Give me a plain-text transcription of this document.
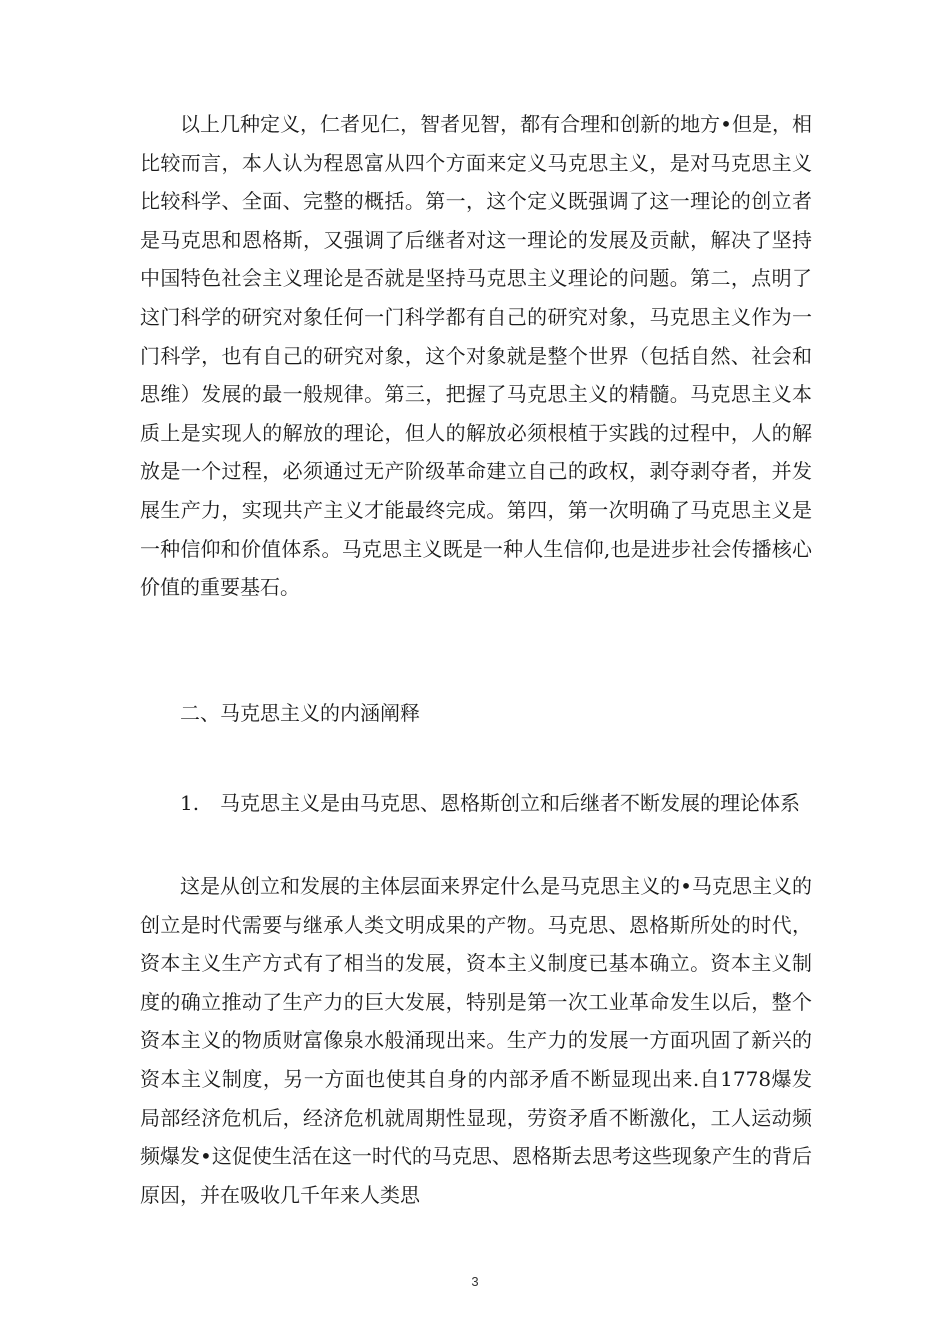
以上几种定义，仁者见仁，智者见智，都有合理和创新的地方•但是，相比较而言，本人认为程恩富从四个方面来定义马克思主义，是对马克思主义比较科学、全面、完整的概括。第一，这个定义既强调了这一理论的创立者是马克思和恩格斯，又强调了后继者对这一理论的发展及贡献，解决了坚持中国特色社会主义理论是否就是坚持马克思主义理论的问题。第二，点明了这门科学的研究对象任何一门科学都有自己的研究对象，马克思主义作为一门科学，也有自己的研究对象，这个对象就是整个世界（包括自然、社会和思维）发展的最一般规律。第三，把握了马克思主义的精髓。马克思主义本质上是实现人的解放的理论，但人的解放必须根植于实践的过程中，人的解放是一个过程，必须通过无产阶级革命建立自己的政权，剥夺剥夺者，并发展生产力，实现共产主义才能最终完成。第四，第一次明确了马克思主义是一种信仰和价值体系。马克思主义既是一种人生信仰,也是进步社会传播核心价值的重要基石。

二、马克思主义的内涵阐释

1. 马克思主义是由马克思、恩格斯创立和后继者不断发展的理论体系

这是从创立和发展的主体层面来界定什么是马克思主义的•马克思主义的创立是时代需要与继承人类文明成果的产物。马克思、恩格斯所处的时代，资本主义生产方式有了相当的发展，资本主义制度已基本确立。资本主义制度的确立推动了生产力的巨大发展，特别是第一次工业革命发生以后，整个资本主义的物质财富像泉水般涌现出来。生产力的发展一方面巩固了新兴的资本主义制度，另一方面也使其自身的内部矛盾不断显现出来.自1778爆发局部经济危机后，经济危机就周期性显现，劳资矛盾不断激化，工人运动频频爆发•这促使生活在这一时代的马克思、恩格斯去思考这些现象产生的背后原因，并在吸收几千年来人类思

3
